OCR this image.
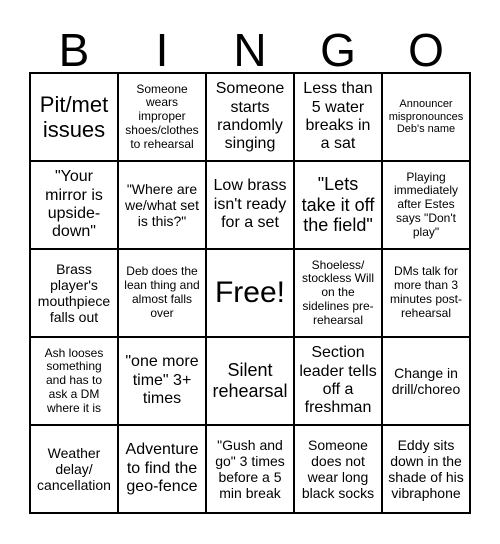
B	I	N	G	O
Pit/met issues
Someone wears improper shoes/clothes to rehearsal
Someone starts randomly singing
Less than 5 water breaks in a sat
Announcer mispronounces Deb's name
"Your mirror is upside-down"
"Where are we/what set is this?"
Low brass isn't ready for a set
"Lets take it off the field"
Playing immediately after Estes says "Don't play"
Brass player's mouthpiece falls out
Deb does the lean thing and almost falls over
Free!
Shoeless/ stockless Will on the sidelines pre-rehearsal
DMs talk for more than 3 minutes post-rehearsal
Ash looses something and has to ask a DM where it is
"one more time" 3+ times
Silent rehearsal
Section leader tells off a freshman
Change in drill/choreo
Weather delay/ cancellation
Adventure to find the geo-fence
"Gush and go" 3 times before a 5 min break
Someone does not wear long black socks
Eddy sits down in the shade of his vibraphone
